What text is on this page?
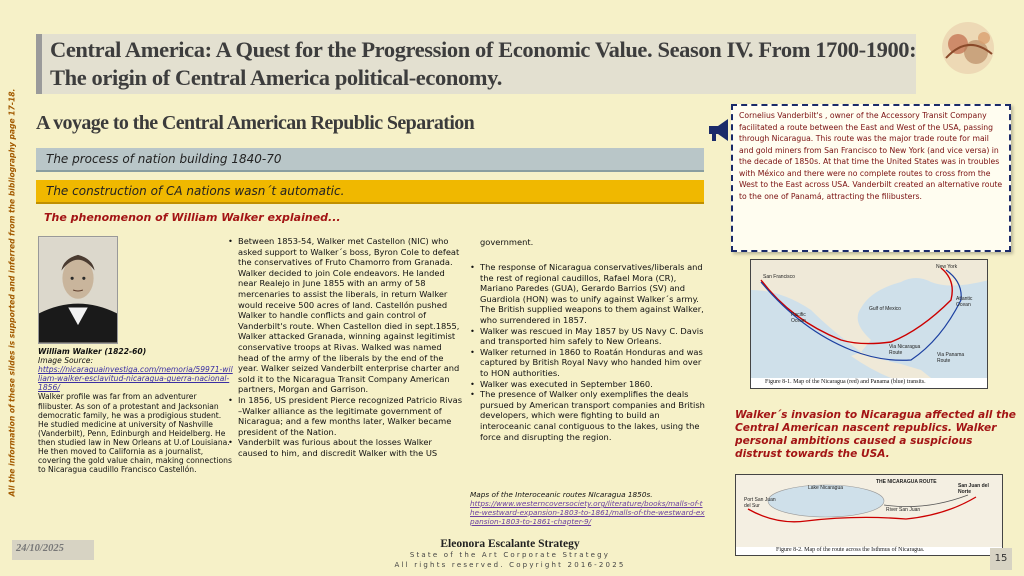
Central America: A Quest for the Progression of Economic Value. Season IV. From 1700-1900: The origin of Central America political-economy.
All the information of these slides is supported and inferred from the bibliography page 17-18. A voyage to the Central American Republic Separation
The process of nation building 1840-70
The construction of CA nations wasn´t automatic.
The phenomenon of William Walker explained...
William Walker (1822-60)
Image Source:
https://nicaraguainvestiga.com/memoria/59971-william-walker-esclavitud-nicaragua-guerra-nacional-1856/
Walker profile was far from an adventurer filibuster. As son of a protestant and Jacksonian democratic family, he was a prodigious student. He studied medicine at university of Nashville (Vanderbilt), Penn, Edinburgh and Heidelberg. He then studied law in New Orleans at U.of Louisiana. He then moved to California as a journalist, covering the gold value chain, making connections to Nicaragua caudillo Francisco Castellón.
• Between 1853-54, Walker met Castellon (NIC) who asked support to Walker´s boss, Byron Cole to defeat the conservatives of Fruto Chamorro from Granada. Walker decided to join Cole endeavors. He landed near Realejo in June 1855 with an army of 58 mercenaries to assist the liberals, in return Walker would receive 500 acres of land. Castellón pushed Walker to handle conflicts and gain control of Vanderbilt's route. When Castellon died in sept.1855, Walker attacked Granada, winning against legitimist conservative troops at Rivas. Walked was named head of the army of the liberals by the end of the year. Walker seized Vanderbilt enterprise charter and sold it to the Nicaragua Transit Company American partners, Morgan and Garrison.
• In 1856, US president Pierce recognized Patricio Rivas –Walker alliance as the legitimate government of Nicaragua; and a few months later, Walker became president of the Nation.
• Vanderbilt was furious about the losses Walker caused to him, and discredit Walker with the US
government.
• The response of Nicaragua conservatives/liberals and the rest of regional caudillos, Rafael Mora (CR), Mariano Paredes (GUA), Gerardo Barrios (SV) and Guardiola (HON) was to unify against Walker´s army. The British supplied weapons to them against Walker, who surrendered in 1857.
• Walker was rescued in May 1857 by US Navy C. Davis and transported him safely to New Orleans.
• Walker returned in 1860 to Roatán Honduras and was captured by British Royal Navy who handed him over to HON authorities.
• Walker was executed in September 1860.
• The presence of Walker only exemplifies the deals pursued by American transport companies and British developers, which were fighting to build an interoceanic canal contiguous to the lakes, using the force and disrupting the region.
Maps of the Interoceanic routes NIcaragua 1850s.
https://www.westerncoversociety.org/literature/books/malls-of-the-westward-expansion-1803-to-1861/malls-of-the-westward-expansion-1803-to-1861-chapter-9/
Cornelius Vanderbilt's , owner of the Accessory Transit Company facilitated a route between the East and West of the USA, passing through Nicaragua. This route was the major trade route for mail and gold miners from San Francisco to New York (and vice versa) in the decade of 1850s. At that time the United States was in troubles with México and there were no complete routes to cross from the West to the East across USA. Vanderbilt created an alternative route to the one of Panamá, attracting the filibusters.
San Francisco
New York
Atlantic Ocean
Pacific Ocean
Gulf of Mexico
Via Nicaragua Route	Via Panama Route
Figure 8-1. Map of the Nicaragua (red) and Panama (blue) transits.
Walker´s invasion to Nicaragua affected all the Central American nascent republics. Walker personal ambitions caused a suspicious distrust towards the USA.
THE NICARAGUA ROUTE
Lake Nicaragua
Port San Juan del Sur
San Juan del Norte
River San Juan
Figure 8-2. Map of the route across the Isthmus of Nicaragua.
24/10/2025	Eleonora Escalante Strategy
State of the Art Corporate Strategy
All rights reserved. Copyright 2016-2025
15
